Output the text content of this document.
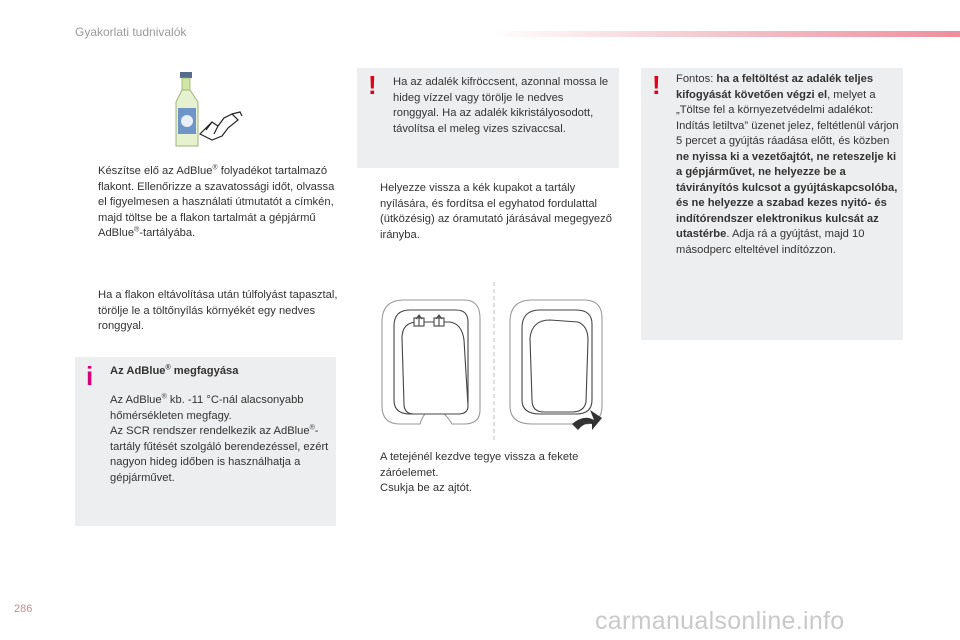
Gyakorlati tudnivalók
Készítse elő az AdBlue® folyadékot tartalmazó flakont. Ellenőrizze a szavatossági időt, olvassa el figyelmesen a használati útmutatót a címkén, majd töltse be a flakon tartalmát a gépjármű AdBlue®-tartályába.
Ha a flakon eltávolítása után túlfolyást tapasztal, törölje le a töltőnyílás környékét egy nedves ronggyal.
i Az AdBlue® megfagyása
Az AdBlue® kb. -11 °C-nál alacsonyabb hőmérsékleten megfagy.
Az SCR rendszer rendelkezik az AdBlue®-tartály fűtését szolgáló berendezéssel, ezért nagyon hideg időben is használhatja a gépjárművet.
! Ha az adalék kifröccsent, azonnal mossa le hideg vízzel vagy törölje le nedves ronggyal. Ha az adalék kikristályosodott, távolítsa el meleg vizes szivaccsal.
Helyezze vissza a kék kupakot a tartály nyílására, és fordítsa el egyhatod fordulattal (ütközésig) az óramutató járásával megegyező irányba.
A tetejénél kezdve tegye vissza a fekete záróelemet.
Csukja be az ajtót.
! Fontos: ha a feltöltést az adalék teljes kifogyását követően végzi el, melyet a „Töltse fel a környezetvédelmi adalékot: Indítás letiltva” üzenet jelez, feltétlenül várjon 5 percet a gyújtás ráadása előtt, és közben ne nyissa ki a vezetőajtót, ne reteszelje ki a gépjárművet, ne helyezze be a távirányítós kulcsot a gyújtáskapcsolóba, és ne helyezze a szabad kezes nyitó- és indítórendszer elektronikus kulcsát az utastérbe. Adja rá a gyújtást, majd 10 másodperc elteltével indítózzon.
286	carmanualsonline.info
